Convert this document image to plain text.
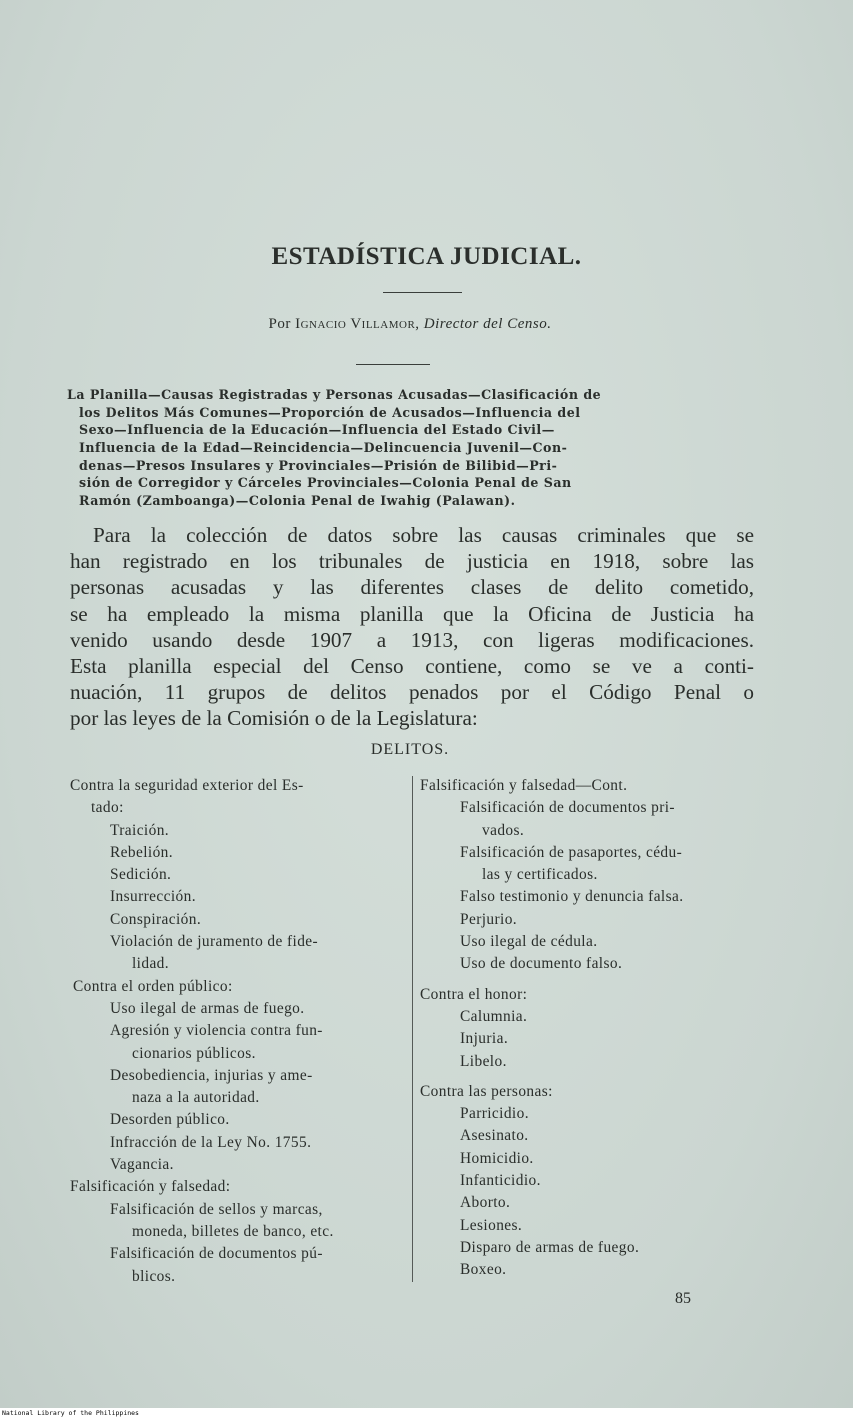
ESTADÍSTICA JUDICIAL.
Por Ignacio Villamor, Director del Censo.
La Planilla—Causas Registradas y Personas Acusadas—Clasificación de
los Delitos Más Comunes—Proporción de Acusados—Influencia del
Sexo—Influencia de la Educación—Influencia del Estado Civil—
Influencia de la Edad—Reincidencia—Delincuencia Juvenil—Con-
denas—Presos Insulares y Provinciales—Prisión de Bilibid—Pri-
sión de Corregidor y Cárceles Provinciales—Colonia Penal de San
Ramón (Zamboanga)—Colonia Penal de Iwahig (Palawan).
Para la colección de datos sobre las causas criminales que se
han registrado en los tribunales de justicia en 1918, sobre las
personas acusadas y las diferentes clases de delito cometido,
se ha empleado la misma planilla que la Oficina de Justicia ha
venido usando desde 1907 a 1913, con ligeras modificaciones.
Esta planilla especial del Censo contiene, como se ve a conti-
nuación, 11 grupos de delitos penados por el Código Penal o
por las leyes de la Comisión o de la Legislatura:
DELITOS.
Contra la seguridad exterior del Es-
tado:
Traición.
Rebelión.
Sedición.
Insurrección.
Conspiración.
Violación de juramento de fide-
lidad.
Contra el orden público:
Uso ilegal de armas de fuego.
Agresión y violencia contra fun-
cionarios públicos.
Desobediencia, injurias y ame-
naza a la autoridad.
Desorden público.
Infracción de la Ley No. 1755.
Vagancia.
Falsificación y falsedad:
Falsificación de sellos y marcas,
moneda, billetes de banco, etc.
Falsificación de documentos pú-
blicos.
Falsificación y falsedad—Cont.
Falsificación de documentos pri-
vados.
Falsificación de pasaportes, cédu-
las y certificados.
Falso testimonio y denuncia falsa.
Perjurio.
Uso ilegal de cédula.
Uso de documento falso.
Contra el honor:
Calumnia.
Injuria.
Libelo.
Contra las personas:
Parricidio.
Asesinato.
Homicidio.
Infanticidio.
Aborto.
Lesiones.
Disparo de armas de fuego.
Boxeo.
85
National Library of the Philippines
